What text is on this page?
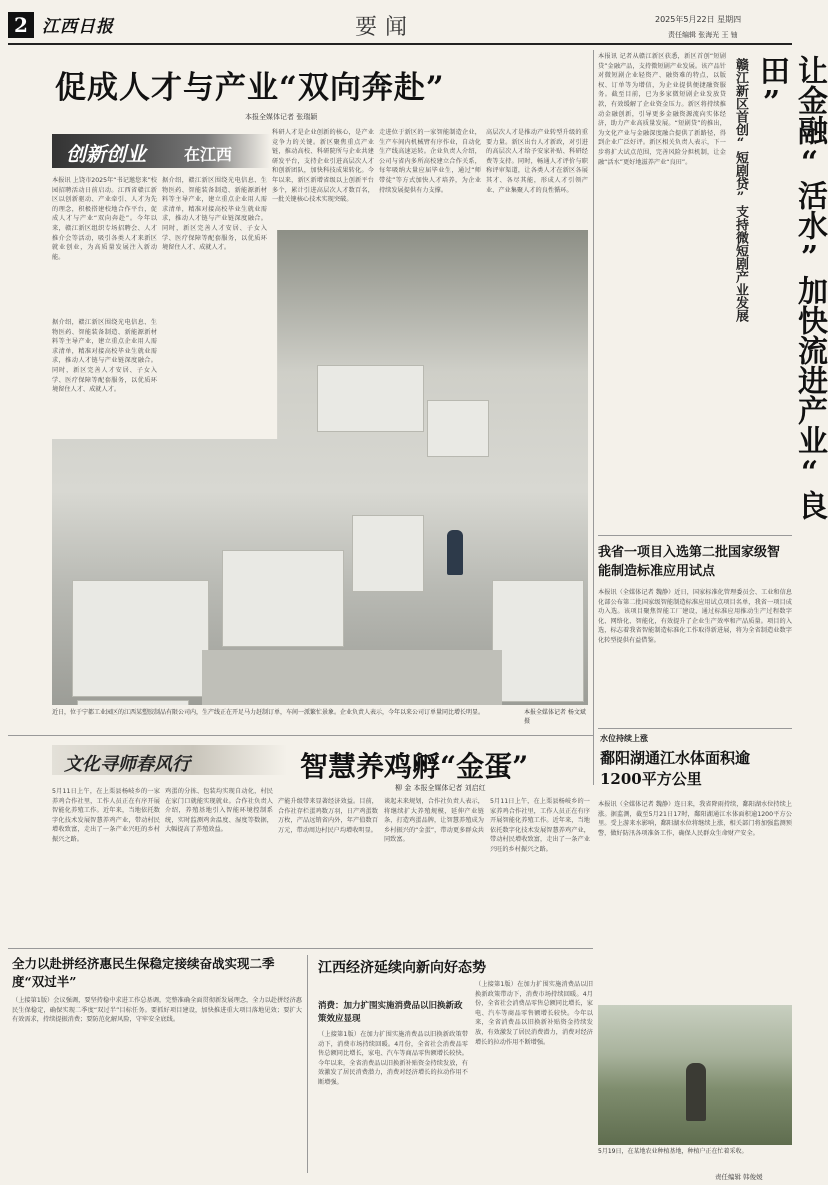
2 江西日报	要闻	2025年5月22日 星期四
责任编辑 张海光 王 铀
促成人才与产业“双向奔赴”
本报全媒体记者 张瑞颖
创新创业 在江西
本报讯 上饶市2025年“书记邀您来”校园招聘活动日前启动。江西省赣江新区以创新驱动、产业牵引、人才为先的理念，积极搭建校地合作平台，促成人才与产业“双向奔赴”。今年以来，赣江新区组织专场招聘会、人才推介会等活动，吸引各类人才来新区就业创业，为高质量发展注入新动能。
据介绍，赣江新区围绕光电信息、生物医药、智能装备制造、新能源新材料等主导产业，建立重点企业用人需求清单，精准对接高校毕业生就业需求，推动人才链与产业链深度融合。同时，新区完善人才安居、子女入学、医疗保障等配套服务，以优质环境留住人才、成就人才。
据介绍，赣江新区围绕光电信息、生物医药、智能装备制造、新能源新材料等主导产业，建立重点企业用人需求清单，精准对接高校毕业生就业需求，推动人才链与产业链深度融合。同时，新区完善人才安居、子女入学、医疗保障等配套服务，以优质环境留住人才、成就人才。
科研人才是企业创新的核心，是产业竞争力的关键。新区聚焦重点产业链，推动高校、科研院所与企业共建研发平台，支持企业引进高层次人才和创新团队，加快科技成果转化。今年以来，新区新增省级以上创新平台多个，累计引进高层次人才数百名，一批关键核心技术实现突破。
走进位于新区的一家智能制造企业，生产车间内机械臂有序作业，自动化生产线高速运转。企业负责人介绍，公司与省内多所高校建立合作关系，每年吸纳大量应届毕业生，通过“师带徒”等方式加快人才培养，为企业持续发展提供有力支撑。
高层次人才是推动产业转型升级的重要力量。新区出台人才新政，对引进的高层次人才给予安家补贴、科研经费等支持。同时，畅通人才评价与职称评审渠道，让各类人才在新区各展其才、各尽其能，形成人才引领产业、产业集聚人才的良性循环。
近日，位于宁都工业园区的江西某塑胶制品有限公司内，生产线正在开足马力赶制订单，车间一派繁忙景象。企业负责人表示，今年以来公司订单量同比增长明显。	本报全媒体记者 杨文斌 摄
让金融“活水”加快流进产业“良田”
赣江新区首创“短剧贷”支持微短剧产业发展
本报讯 记者从赣江新区获悉，新区首创“短剧贷”金融产品，支持微短剧产业发展。该产品针对微短剧企业轻资产、融资难的特点，以版权、订单等为增信，为企业提供便捷融资服务。截至目前，已为多家微短剧企业发放贷款，有效缓解了企业资金压力。新区将持续推动金融创新，引导更多金融资源流向实体经济，助力产业高质量发展。“短剧贷”的推出，为文化产业与金融深度融合提供了新路径，得到企业广泛好评。新区相关负责人表示，下一步将扩大试点范围，完善风险分担机制，让金融“活水”更好地滋养产业“良田”。
我省一项目入选第二批国家级智能制造标准应用试点
本报讯（全媒体记者 魏静）近日，国家标准化管理委员会、工业和信息化部公布第二批国家级智能制造标准应用试点项目名单，我省一项目成功入选。该项目聚焦智能工厂建设，通过标准应用推动生产过程数字化、网络化、智能化，有效提升了企业生产效率和产品质量。项目的入选，标志着我省智能制造标准化工作取得新进展，将为全省制造业数字化转型提供有益借鉴。
水位持续上涨
鄱阳湖通江水体面积逾1200平方公里
本报讯（全媒体记者 魏静）连日来，我省降雨持续，鄱阳湖水位持续上涨。据监测，截至5月21日17时，鄱阳湖通江水体面积逾1200平方公里。受上游来水影响，鄱阳湖水位将继续上涨，相关部门将加强监测预警，做好防汛各项准备工作，确保人民群众生命财产安全。
5月19日，在某地农业种植基地，种植户正在忙着采收。
文化寻师春风行	智慧养鸡孵“金蛋”
柳 金 本报全媒体记者 刘启红
5月11日上午，在上栗县杨岐乡的一家养鸡合作社里，工作人员正在有序开展智能化养殖工作。近年来，当地依托数字化技术发展智慧养鸡产业，带动村民增收致富，走出了一条产业兴旺的乡村振兴之路。
鸡蛋的分拣、包装均实现自动化，村民在家门口就能实现就业。合作社负责人介绍，养殖基地引入智能环境控制系统，实时监测鸡舍温度、湿度等数据，大幅提高了养殖效益。
产能升级带来显著经济效益。目前，合作社存栏蛋鸡数万羽，日产鸡蛋数万枚，产品远销省内外，年产值数百万元，带动周边村民户均增收明显。
谈起未来规划，合作社负责人表示，将继续扩大养殖规模，延伸产业链条，打造鸡蛋品牌，让智慧养殖成为乡村振兴的“金蛋”，带动更多群众共同致富。
5月11日上午，在上栗县杨岐乡的一家养鸡合作社里，工作人员正在有序开展智能化养殖工作。近年来，当地依托数字化技术发展智慧养鸡产业，带动村民增收致富，走出了一条产业兴旺的乡村振兴之路。
全力以赴拼经济惠民生保稳定接续奋战实现二季度“双过半”
（上接第1版）会议强调，要坚持稳中求进工作总基调，完整准确全面贯彻新发展理念，全力以赴拼经济惠民生保稳定，确保实现二季度“双过半”目标任务。要抓好项目建设，加快推进重大项目落地见效；要扩大有效需求，持续提振消费；要防范化解风险，守牢安全底线。
江西经济延续向新向好态势
消费：加力扩围实施消费品以旧换新政策效应显现
（上接第1版）在加力扩围实施消费品以旧换新政策带动下，消费市场持续回暖。4月份，全省社会消费品零售总额同比增长，家电、汽车等商品零售额增长较快。今年以来，全省消费品以旧换新补贴资金持续发放，有效激发了居民消费潜力，消费对经济增长的拉动作用不断增强。
（上接第1版）在加力扩围实施消费品以旧换新政策带动下，消费市场持续回暖。4月份，全省社会消费品零售总额同比增长，家电、汽车等商品零售额增长较快。今年以来，全省消费品以旧换新补贴资金持续发放，有效激发了居民消费潜力，消费对经济增长的拉动作用不断增强。
责任编辑 韩俊媛
